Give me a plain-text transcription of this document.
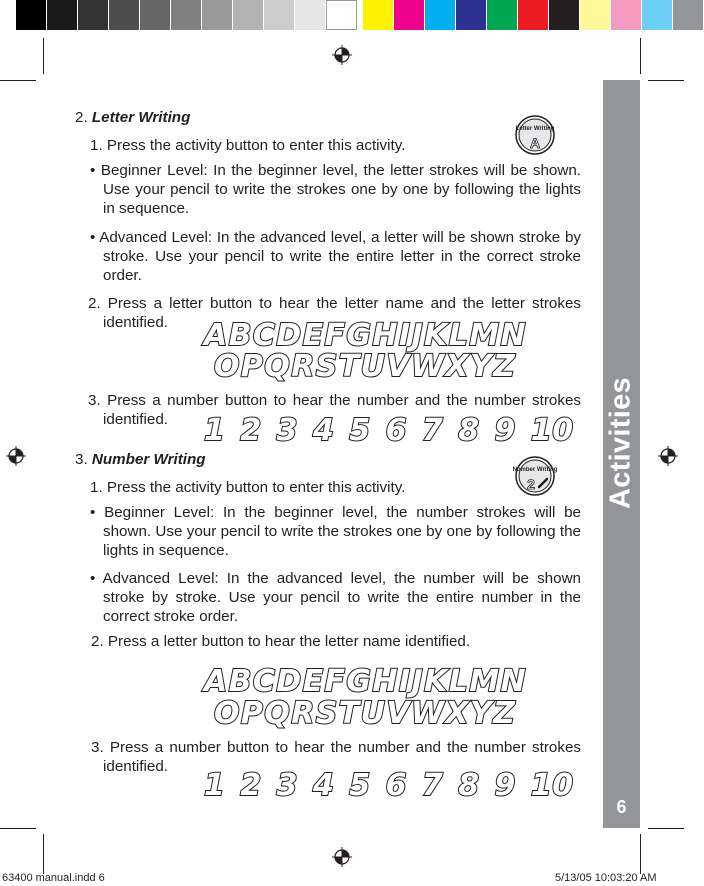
Activities
6
2. Letter Writing
Letter Writing
A
1. Press the activity button to enter this activity.
• Beginner Level: In the beginner level, the letter strokes will be shown. Use your pencil to write the strokes one by one by following the lights in sequence.
• Advanced Level: In the advanced level, a letter will be shown stroke by stroke. Use your pencil to write the entire letter in the correct stroke order.
2. Press a letter button to hear the letter name and the letter strokes identified.	ABCDEFGHIJKLMN
OPQRSTUVWXYZ
3. Press a number button to hear the number and the number strokes identified.	1 2 3 4 5 6 7 8 9 10
3. Number Writing
Number Writing
2
1. Press the activity button to enter this activity.
• Beginner Level: In the beginner level, the number strokes will be shown. Use your pencil to write the strokes one by one by following the lights in sequence.
• Advanced Level: In the advanced level, the number will be shown stroke by stroke. Use your pencil to write the entire number in the correct stroke order.
2. Press a letter button to hear the letter name identified.
ABCDEFGHIJKLMN
OPQRSTUVWXYZ
3. Press a number button to hear the number and the number strokes identified.
1 2 3 4 5 6 7 8 9 10
63400 manual.indd 6	5/13/05 10:03:20 AM
